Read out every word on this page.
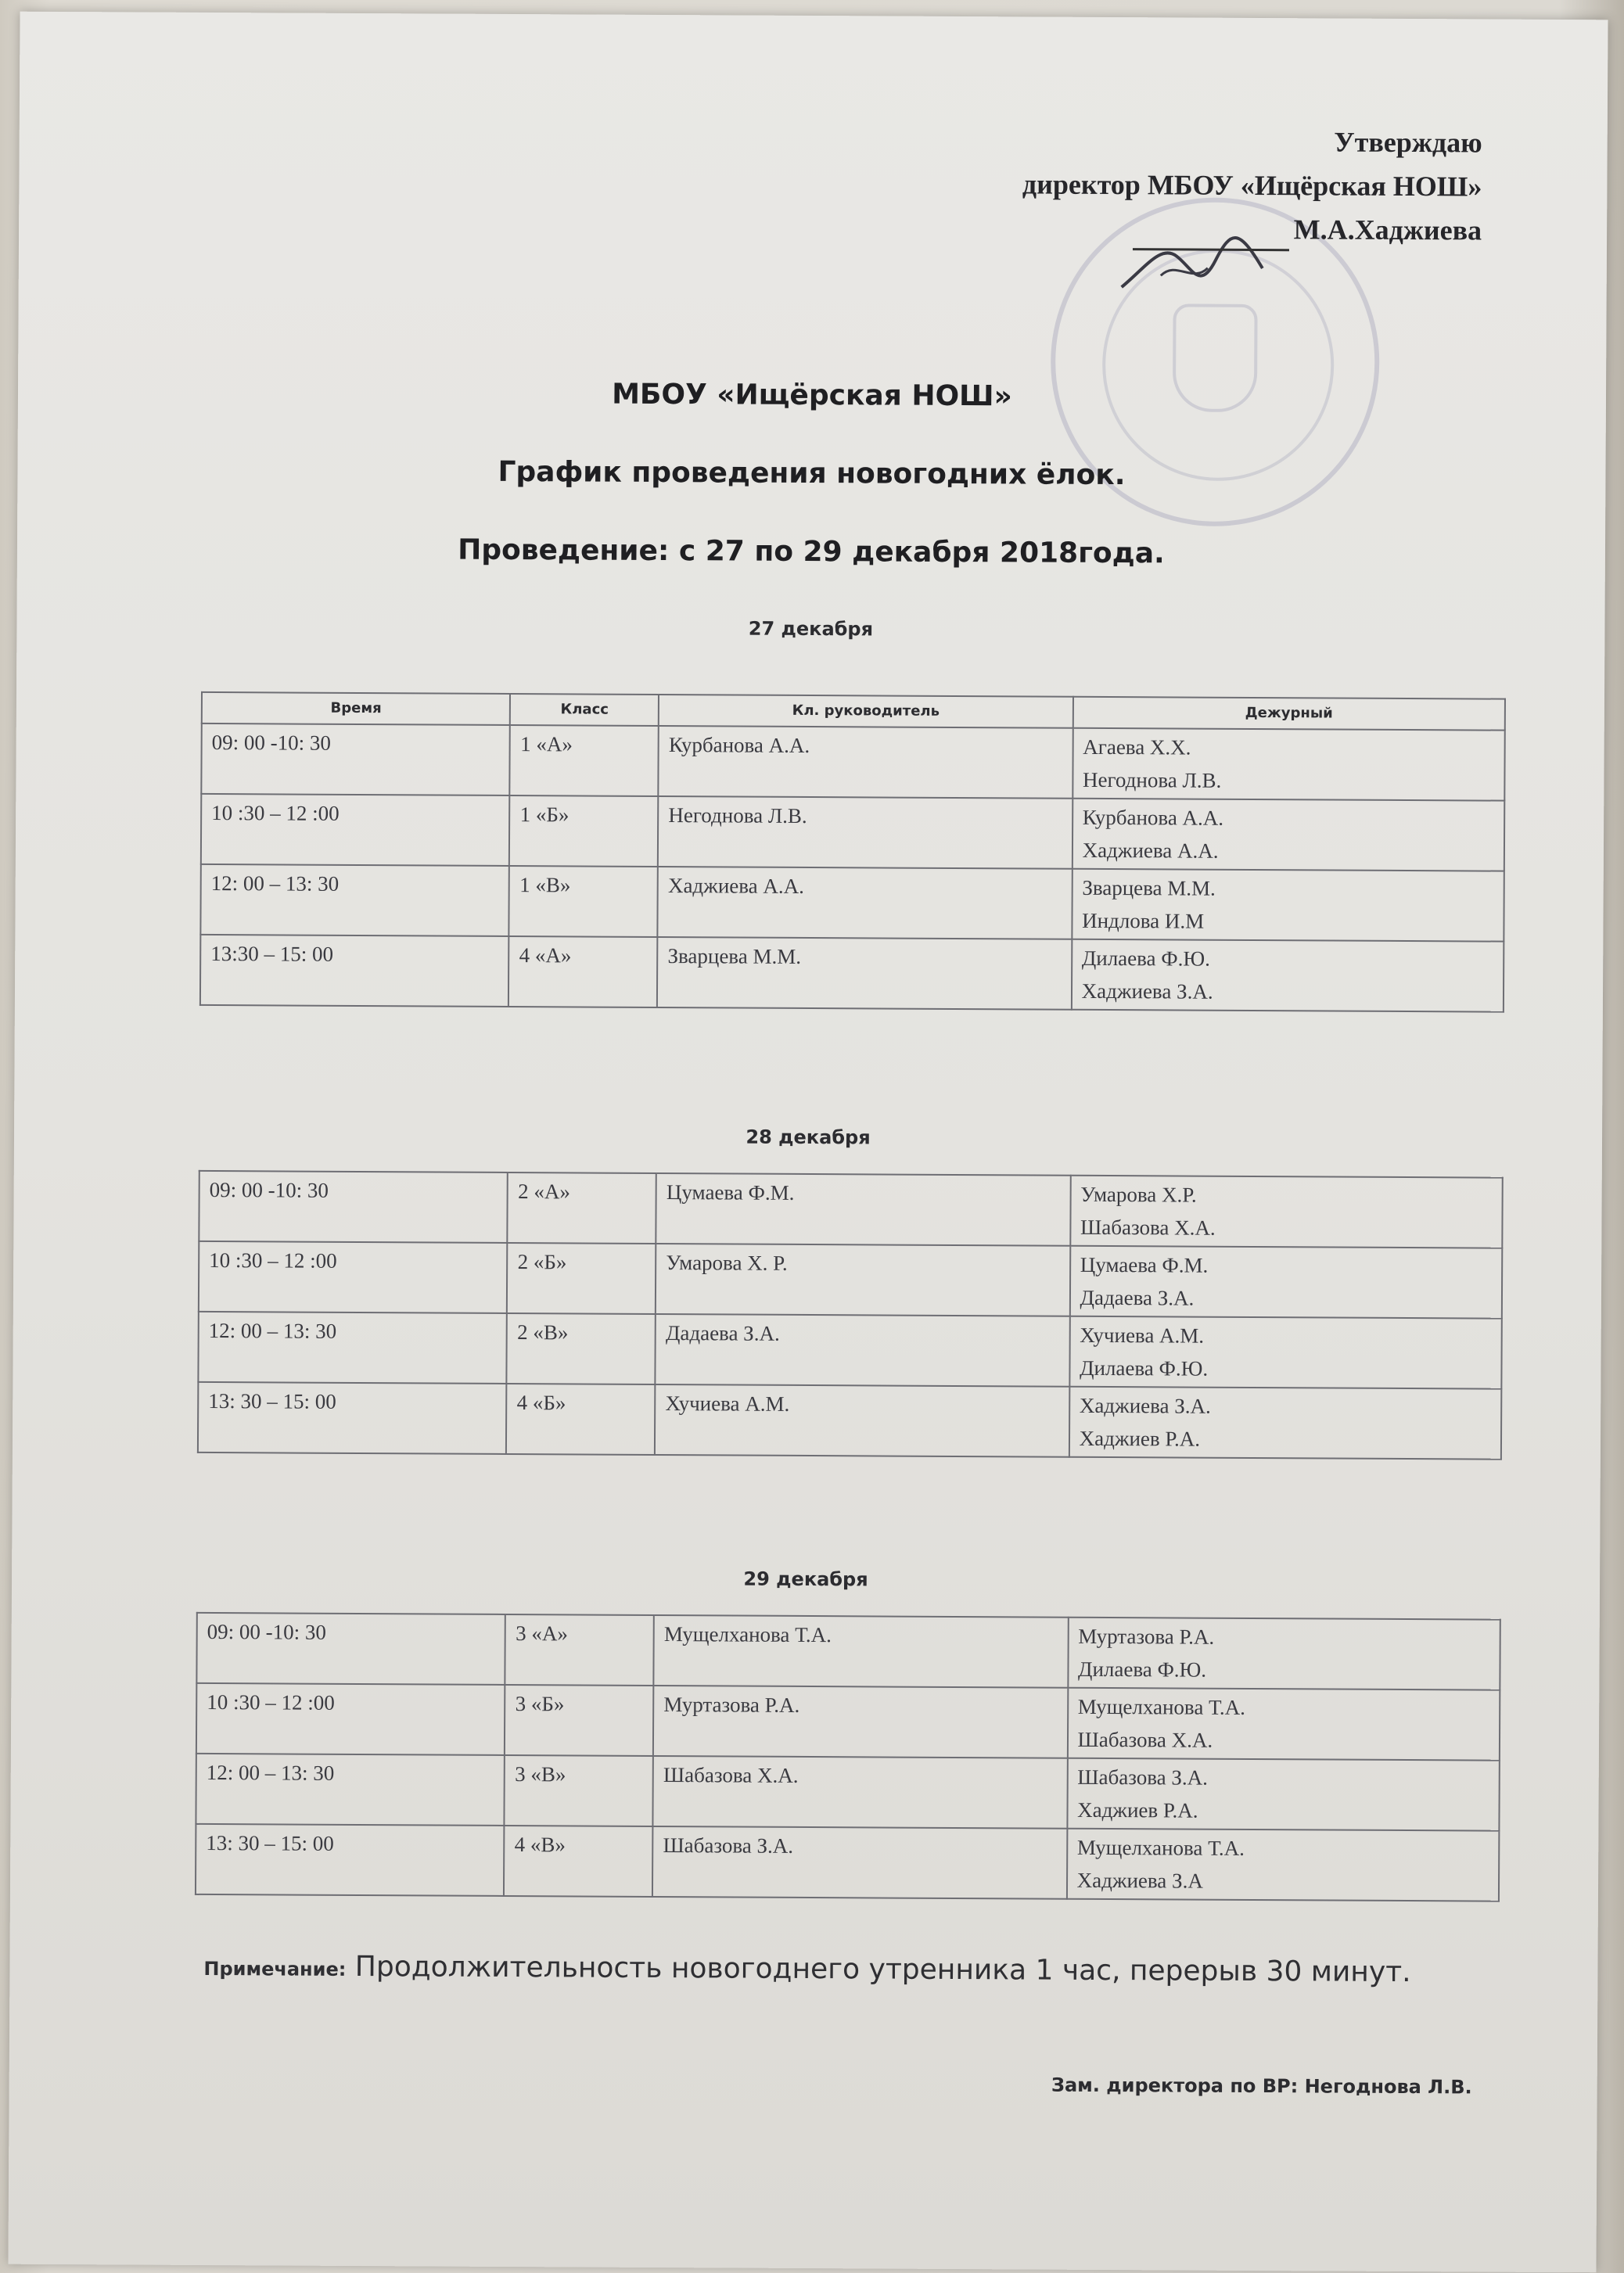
Утверждаю
директор МБОУ «Ищёрская НОШ»
М.А.Хаджиева
МБОУ «Ищёрская НОШ»
График проведения новогодних ёлок.
Проведение: с 27 по 29 декабря 2018года.
27 декабря
Время	Класс	Кл. руководитель	Дежурный
09: 00 -10: 30	1 «А»	Курбанова А.А.	Агаева Х.Х.
Негоднова Л.В.

10 :30 – 12 :00	1 «Б»	Негоднова Л.В.	Курбанова А.А.
Хаджиева А.А.

12: 00 – 13: 30	1 «В»	Хаджиева А.А.	Зварцева М.М.
Индлова И.М

13:30 – 15: 00	4 «А»	Зварцева М.М.	Дилаева Ф.Ю.
Хаджиева З.А.
28 декабря
09: 00 -10: 30	2 «А»	Цумаева Ф.М.	Умарова Х.Р.
Шабазова Х.А.

10 :30 – 12 :00	2 «Б»	Умарова Х. Р.	Цумаева Ф.М.
Дадаева З.А.

12: 00 – 13: 30	2 «В»	Дадаева З.А.	Хучиева А.М.
Дилаева Ф.Ю.

13: 30 – 15: 00	4 «Б»	Хучиева А.М.	Хаджиева З.А.
Хаджиев Р.А.
29 декабря
09: 00 -10: 30	3 «А»	Мущелханова Т.А.	Муртазова Р.А.
Дилаева Ф.Ю.

10 :30 – 12 :00	3 «Б»	Муртазова Р.А.	Мущелханова Т.А.
Шабазова Х.А.

12: 00 – 13: 30	3 «В»	Шабазова Х.А.	Шабазова З.А.
Хаджиев Р.А.

13: 30 – 15: 00	4 «В»	Шабазова З.А.	Мущелханова Т.А.
Хаджиева З.А
Примечание: Продолжительность новогоднего утренника 1 час, перерыв 30 минут.
Зам. директора по ВР: Негоднова Л.В.
